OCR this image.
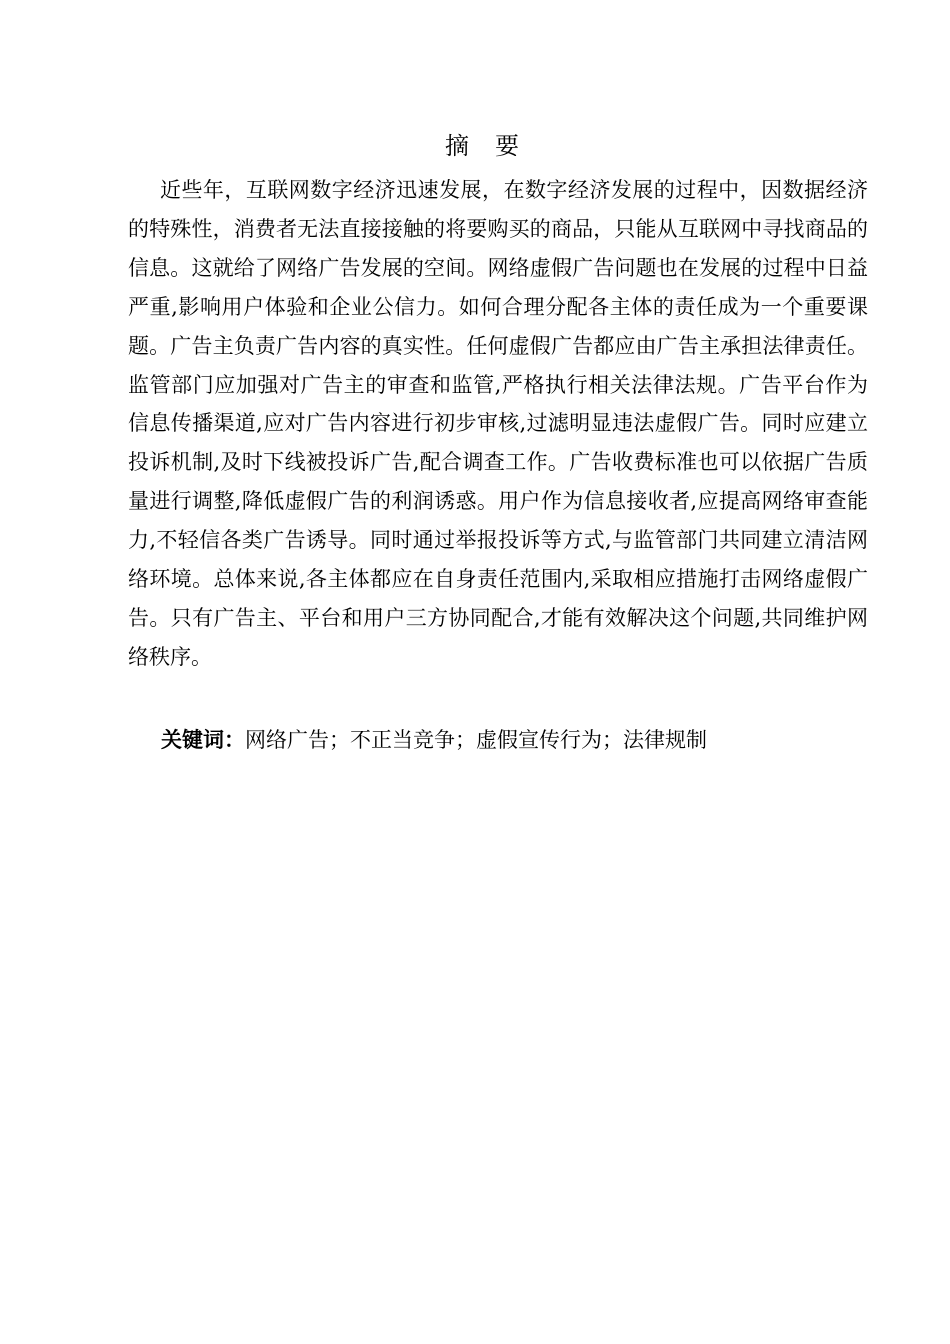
摘要

近些年，互联网数字经济迅速发展，在数字经济发展的过程中，因数据经济的特殊性，消费者无法直接接触的将要购买的商品，只能从互联网中寻找商品的信息。这就给了网络广告发展的空间。网络虚假广告问题也在发展的过程中日益严重,影响用户体验和企业公信力。如何合理分配各主体的责任成为一个重要课题。广告主负责广告内容的真实性。任何虚假广告都应由广告主承担法律责任。监管部门应加强对广告主的审查和监管,严格执行相关法律法规。广告平台作为信息传播渠道,应对广告内容进行初步审核,过滤明显违法虚假广告。同时应建立投诉机制,及时下线被投诉广告,配合调查工作。广告收费标准也可以依据广告质量进行调整,降低虚假广告的利润诱惑。用户作为信息接收者,应提高网络审查能力,不轻信各类广告诱导。同时通过举报投诉等方式,与监管部门共同建立清洁网络环境。总体来说,各主体都应在自身责任范围内,采取相应措施打击网络虚假广告。只有广告主、平台和用户三方协同配合,才能有效解决这个问题,共同维护网络秩序。

关键词：网络广告；不正当竞争；虚假宣传行为；法律规制
